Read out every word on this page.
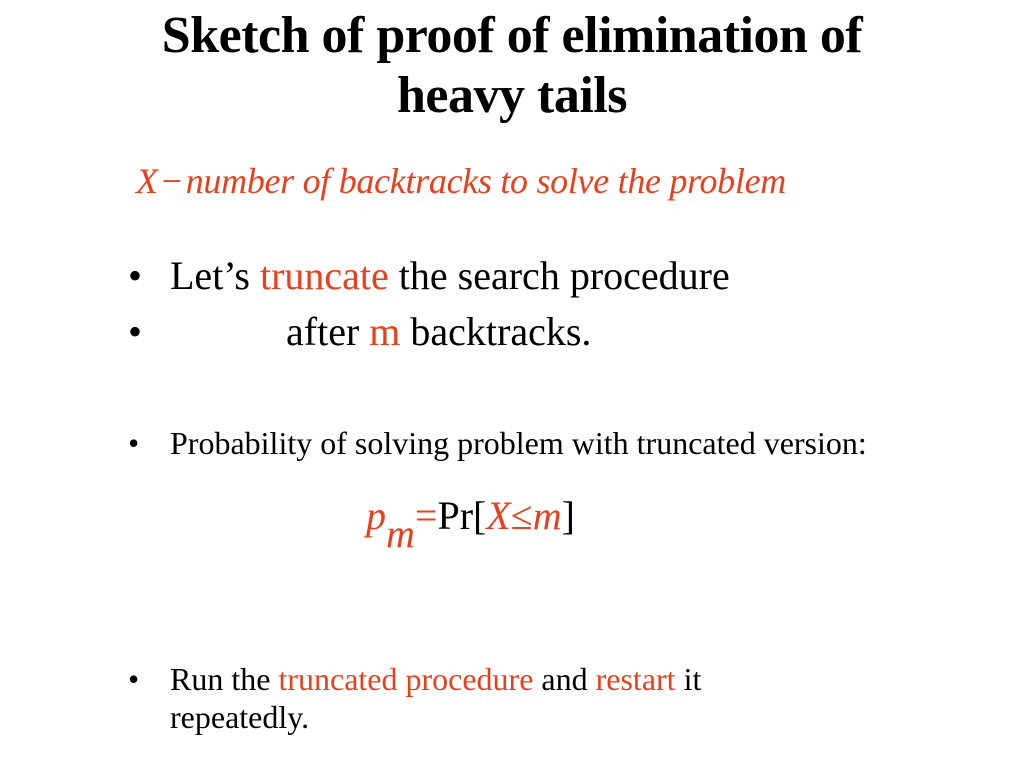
Sketch of proof of elimination of
heavy tails
X − number of backtracks to solve the problem
• Let’s truncate the search procedure
•	after m backtracks.
• Probability of solving problem with truncated version:
pm=Pr[X≤m]
• Run the truncated procedure and restart it repeatedly.
